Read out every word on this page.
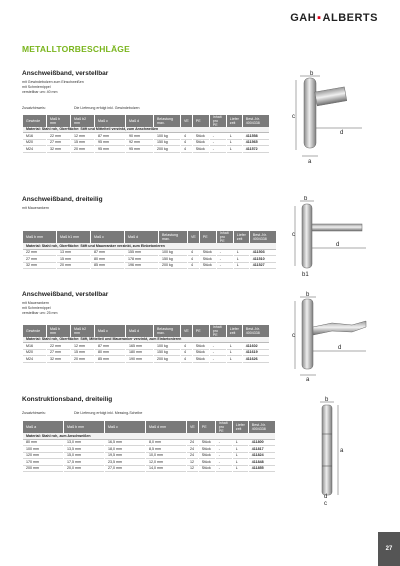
GAH▪ALBERTS
METALLTORBESCHLÄGE
Anschweißband, verstellbar
mit Gewindebolzen zum Einschweißen
mit Schmiernippel
verstellbar um: 40 mm
Zusatzhinweis:	Die Lieferung erfolgt inkl. Gewindebolzen
Gewinde	Maß b mm	Maß b2 mm	Maß c	Maß d	Belastung max.	VE	PE	Inhalt pro PE	Liefer zeit	Best.-Nr. 4004338
Material: Stahl roh, Oberfläche: Stift und Mittelteil verzinkt, zum Anschweißen										
M16	22 mm	12 mm	87 mm	90 mm	100 kg	4	Stück	-	L	411558
M20	27 mm	15 mm	95 mm	92 mm	150 kg	4	Stück	-	L	411565
M24	32 mm	20 mm	95 mm	95 mm	200 kg	4	Stück	-	L	411572
Anschweißband, dreiteilig
mit Mauerankern
Maß b mm	Maß b1 mm	Maß c	Maß d	Belastung max.	VE	PE	Inhalt pro PE	Liefer zeit	Best.-Nr. 4004338
Material: Stahl roh, Oberfläche: Stift und Maueranker verzinkt, zum Einbetonieren									
22 mm	13 mm	87 mm	155 mm	100 kg	4	Stück	-	L	411503
27 mm	15 mm	80 mm	178 mm	150 kg	4	Stück	-	L	411510
32 mm	20 mm	85 mm	196 mm	200 kg	4	Stück	-	L	411527
Anschweißband, verstellbar
mit Mauerankern
mit Schmiernippel
verstellbar um: 25 mm
Gewinde	Maß b mm	Maß b2 mm	Maß c	Maß d	Belastung max.	VE	PE	Inhalt pro PE	Liefer zeit	Best.-Nr. 4004338
Material: Stahl roh, Oberfläche: Stift, Mittelteil und Maueranker verzinkt, zum Einbetonieren										
M16	22 mm	12 mm	87 mm	165 mm	100 kg	4	Stück	-	L	411602
M20	27 mm	15 mm	80 mm	180 mm	150 kg	4	Stück	-	L	411619
M24	32 mm	20 mm	85 mm	190 mm	200 kg	4	Stück	-	L	411626
Konstruktionsband, dreiteilig
Zusatzhinweis:	Die Lieferung erfolgt inkl. Messing-Scheibe
Maß a	Maß b mm	Maß c	Maß d mm	VE	PE	Inhalt pro PE	Liefer zeit	Best.-Nr. 4004338
Material: Stahl roh, zum Anschweißen								
80 mm	13,0 mm	16,5 mm	8,0 mm	24	Stück	-	L	411800
100 mm	13,5 mm	18,0 mm	8,5 mm	24	Stück	-	L	411817
120 mm	15,0 mm	19,5 mm	10,0 mm	24	Stück	-	L	411824
170 mm	17,5 mm	23,5 mm	12,0 mm	12	Stück	-	L	411848
200 mm	20,0 mm	27,0 mm	14,0 mm	12	Stück	-	L	411855
b
c
d
a
b
c
d
b1
b
c
d
a
b
a
d
c
27
